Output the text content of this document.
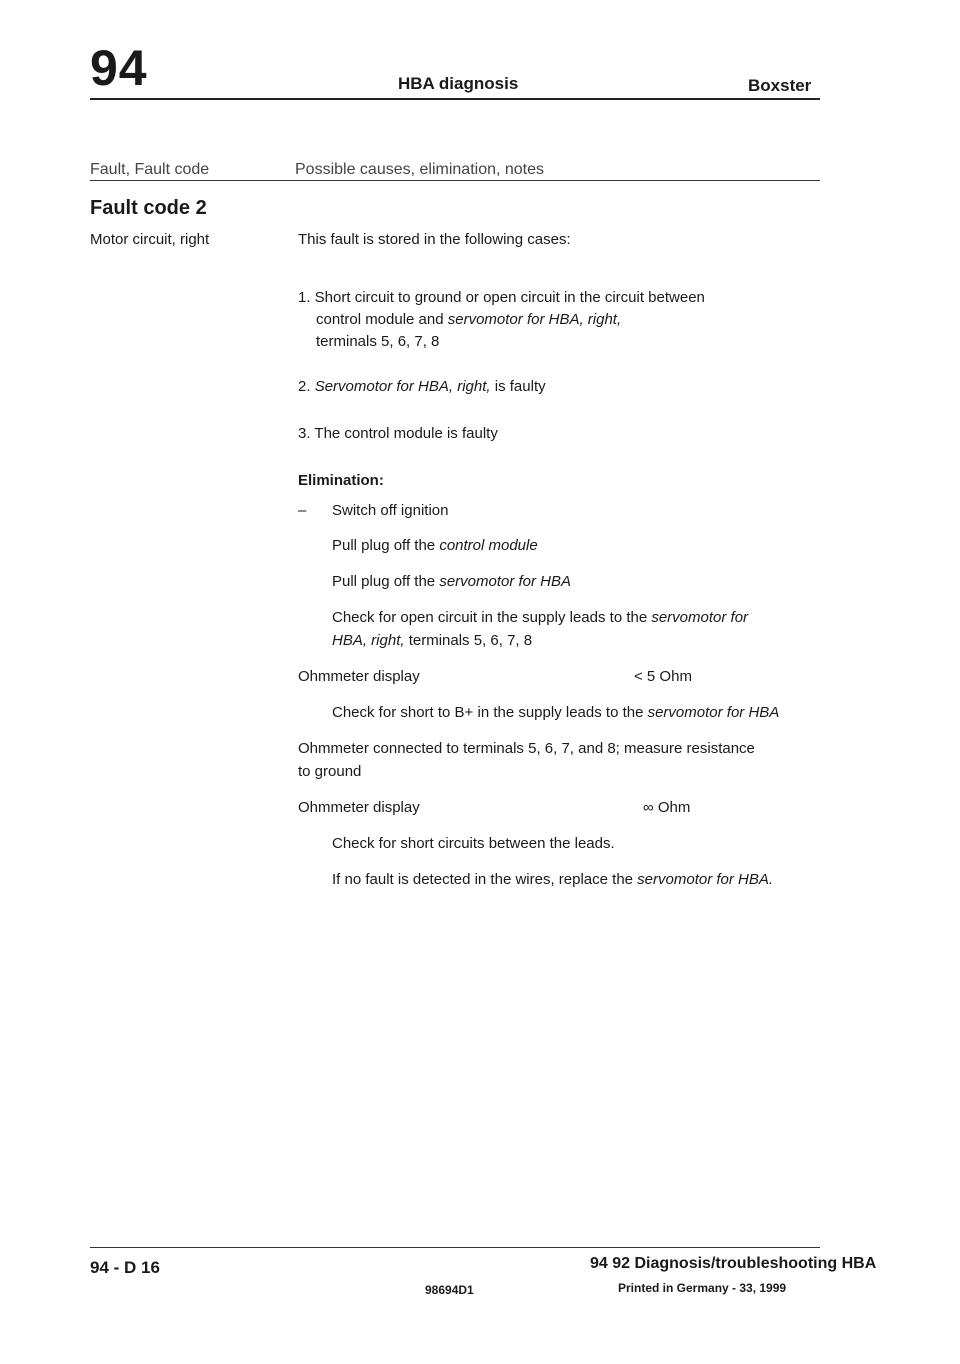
94	HBA diagnosis	Boxster
Fault, Fault code	Possible causes, elimination, notes
Fault code 2
Motor circuit, right	This fault is stored in the following cases:
1. Short circuit to ground or open circuit in the circuit between
control module and servomotor for HBA, right,
terminals 5, 6, 7, 8
2. Servomotor for HBA, right, is faulty
3. The control module is faulty
Elimination:
– Switch off ignition
Pull plug off the control module
Pull plug off the servomotor for HBA
Check for open circuit in the supply leads to the servomotor for
HBA, right, terminals 5, 6, 7, 8
Ohmmeter display	< 5 Ohm
Check for short to B+ in the supply leads to the servomotor for HBA
Ohmmeter connected to terminals 5, 6, 7, and 8; measure resistance
to ground
Ohmmeter display	∞ Ohm
Check for short circuits between the leads.
If no fault is detected in the wires, replace the servomotor for HBA.
94 - D 16	94 92 Diagnosis/troubleshooting HBA
98694D1	Printed in Germany - 33, 1999
